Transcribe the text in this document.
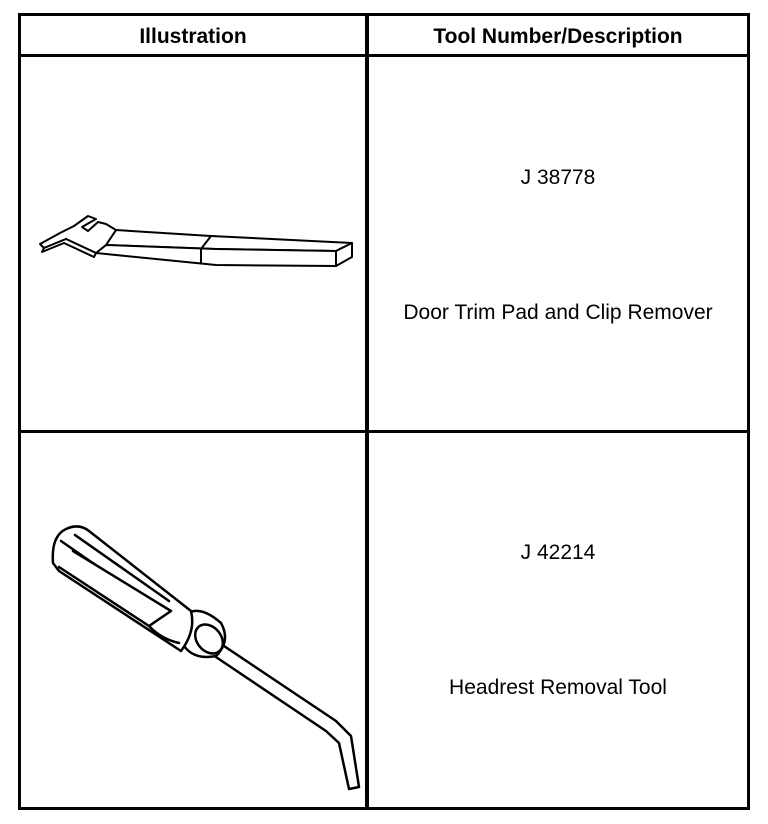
Illustration	Tool Number/Description
J 38778
Door Trim Pad and Clip Remover
J 42214
Headrest Removal Tool
